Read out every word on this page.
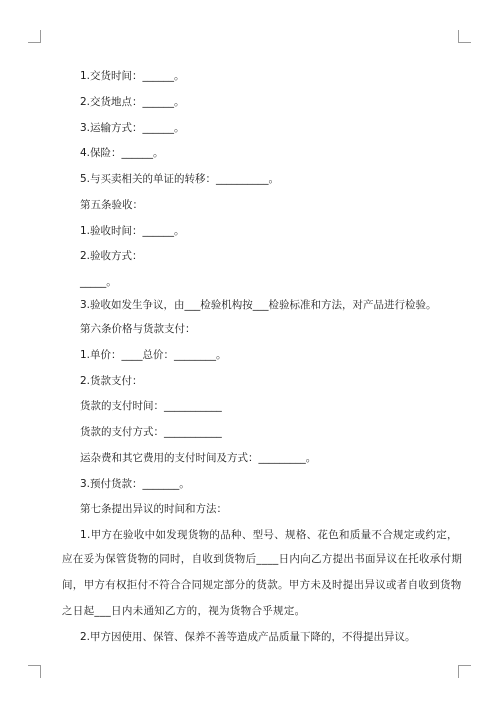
1.交货时间：______。
2.交货地点：______。
3.运输方式：______。
4.保险：______。
5.与买卖相关的单证的转移：__________。
第五条验收：
1.验收时间：______。
2.验收方式：
_____。
3.验收如发生争议，由___检验机构按___检验标准和方法，对产品进行检验。
第六条价格与货款支付：
1.单价：____总价：________。
2.货款支付：
货款的支付时间：___________
货款的支付方式：___________
运杂费和其它费用的支付时间及方式：_________。
3.预付货款：_______。
第七条提出异议的时间和方法：
1.甲方在验收中如发现货物的品种、型号、规格、花色和质量不合规定或约定，
应在妥为保管货物的同时，自收到货物后____日内向乙方提出书面异议在托收承付期
间，甲方有权拒付不符合合同规定部分的货款。甲方未及时提出异议或者自收到货物
之日起___日内未通知乙方的，视为货物合乎规定。
2.甲方因使用、保管、保养不善等造成产品质量下降的，不得提出异议。
